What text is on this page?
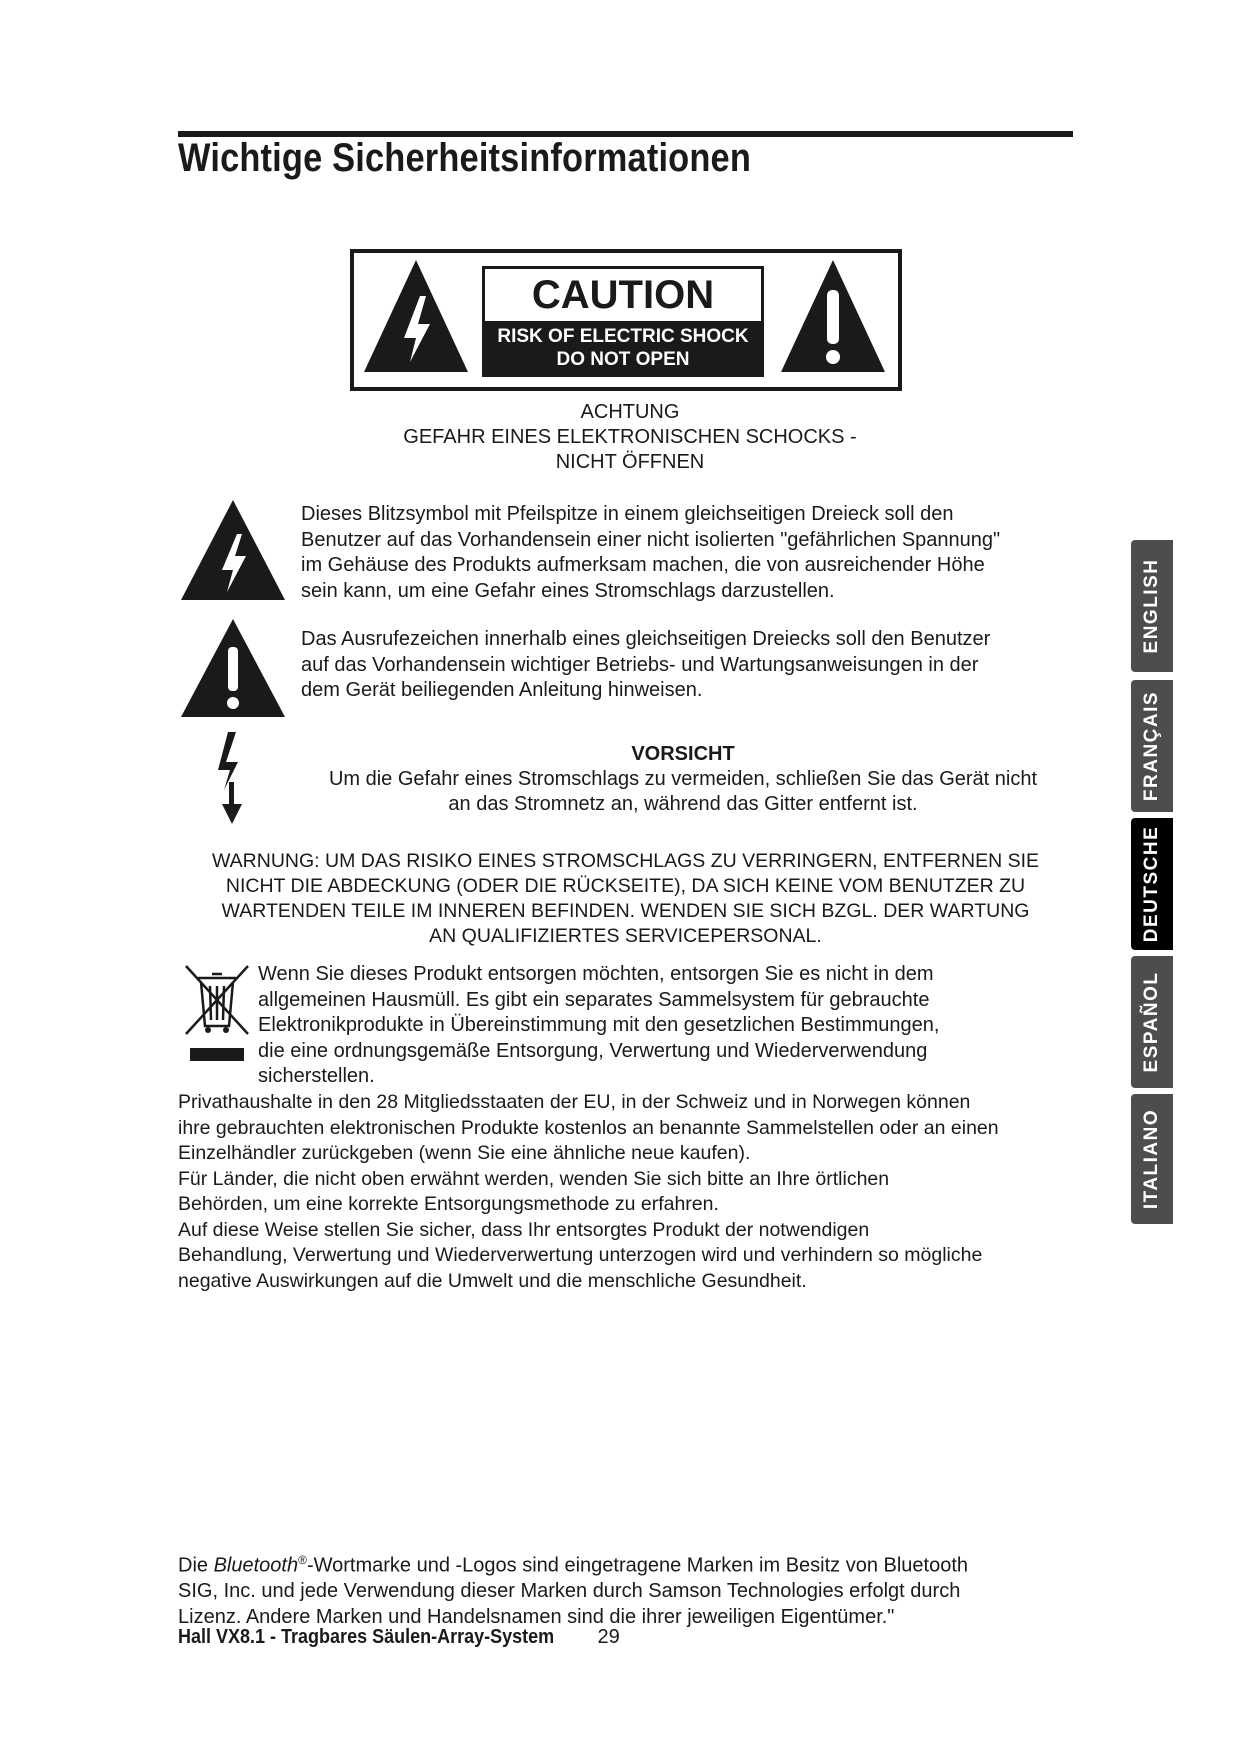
Wichtige Sicherheitsinformationen
CAUTION
RISK OF ELECTRIC SHOCK
DO NOT OPEN
ACHTUNG
GEFAHR EINES ELEKTRONISCHEN SCHOCKS -
NICHT ÖFFNEN
Dieses Blitzsymbol mit Pfeilspitze in einem gleichseitigen Dreieck soll den
Benutzer auf das Vorhandensein einer nicht isolierten "gefährlichen Spannung"
im Gehäuse des Produkts aufmerksam machen, die von ausreichender Höhe
sein kann, um eine Gefahr eines Stromschlags darzustellen.
Das Ausrufezeichen innerhalb eines gleichseitigen Dreiecks soll den Benutzer
auf das Vorhandensein wichtiger Betriebs- und Wartungsanweisungen in der
dem Gerät beiliegenden Anleitung hinweisen.
VORSICHT
Um die Gefahr eines Stromschlags zu vermeiden, schließen Sie das Gerät nicht
an das Stromnetz an, während das Gitter entfernt ist.
WARNUNG: UM DAS RISIKO EINES STROMSCHLAGS ZU VERRINGERN, ENTFERNEN SIE
NICHT DIE ABDECKUNG (ODER DIE RÜCKSEITE), DA SICH KEINE VOM BENUTZER ZU
WARTENDEN TEILE IM INNEREN BEFINDEN. WENDEN SIE SICH BZGL. DER WARTUNG
AN QUALIFIZIERTES SERVICEPERSONAL.
Wenn Sie dieses Produkt entsorgen möchten, entsorgen Sie es nicht in dem
allgemeinen Hausmüll. Es gibt ein separates Sammelsystem für gebrauchte
Elektronikprodukte in Übereinstimmung mit den gesetzlichen Bestimmungen,
die eine ordnungsgemäße Entsorgung, Verwertung und Wiederverwendung
sicherstellen.
Privathaushalte in den 28 Mitgliedsstaaten der EU, in der Schweiz und in Norwegen können
ihre gebrauchten elektronischen Produkte kostenlos an benannte Sammelstellen oder an einen
Einzelhändler zurückgeben (wenn Sie eine ähnliche neue kaufen).
Für Länder, die nicht oben erwähnt werden, wenden Sie sich bitte an Ihre örtlichen
Behörden, um eine korrekte Entsorgungsmethode zu erfahren.
Auf diese Weise stellen Sie sicher, dass Ihr entsorgtes Produkt der notwendigen
Behandlung, Verwertung und Wiederverwertung unterzogen wird und verhindern so mögliche
negative Auswirkungen auf die Umwelt und die menschliche Gesundheit.
Die Bluetooth®-Wortmarke und -Logos sind eingetragene Marken im Besitz von Bluetooth
SIG, Inc. und jede Verwendung dieser Marken durch Samson Technologies erfolgt durch
Lizenz. Andere Marken und Handelsnamen sind die ihrer jeweiligen Eigentümer."
Hall VX8.1 - Tragbares Säulen-Array-System 29
ENGLISH
FRANÇAIS
DEUTSCHE
ESPAÑOL
ITALIANO
